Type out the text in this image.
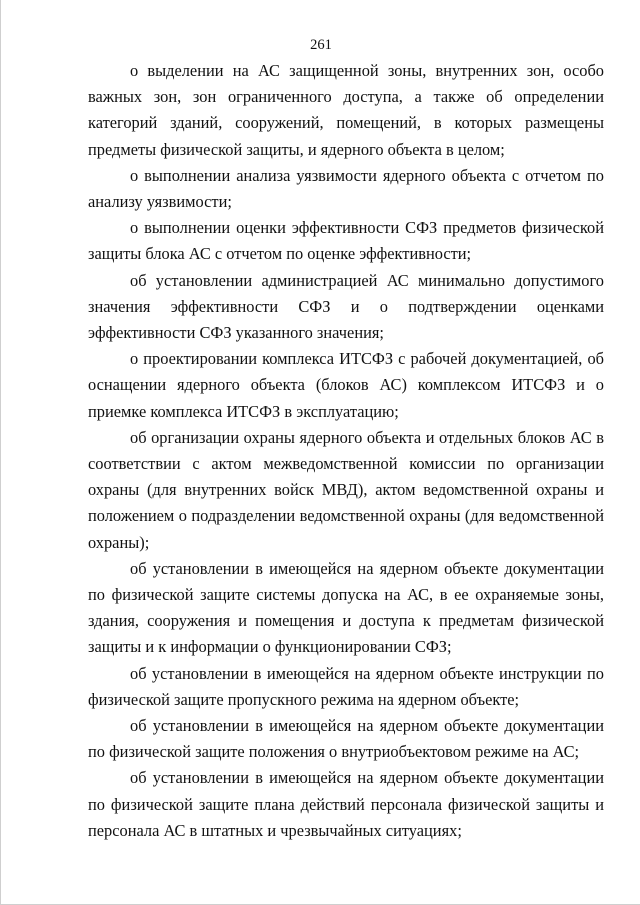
261

о выделении на АС защищенной зоны, внутренних зон, особо важных зон, зон ограниченного доступа, а также об определении категорий зданий, сооружений, помещений, в которых размещены предметы физической защиты, и ядерного объекта в целом;

о выполнении анализа уязвимости ядерного объекта с отчетом по анализу уязвимости;

о выполнении оценки эффективности СФЗ предметов физической защиты блока АС с отчетом по оценке эффективности;

об установлении администрацией АС минимально допустимого значения эффективности СФЗ и о подтверждении оценками эффективности СФЗ указанного значения;

о проектировании комплекса ИТСФЗ с рабочей документацией, об оснащении ядерного объекта (блоков АС) комплексом ИТСФЗ и о приемке комплекса ИТСФЗ в эксплуатацию;

об организации охраны ядерного объекта и отдельных блоков АС в соответствии с актом межведомственной комиссии по организации охраны (для внутренних войск МВД), актом ведомственной охраны и положением о подразделении ведомственной охраны (для ведомственной охраны);

об установлении в имеющейся на ядерном объекте документации по физической защите системы допуска на АС, в ее охраняемые зоны, здания, сооружения и помещения и доступа к предметам физической защиты и к информации о функционировании СФЗ;

об установлении в имеющейся на ядерном объекте инструкции по физической защите пропускного режима на ядерном объекте;

об установлении в имеющейся на ядерном объекте документации по физической защите положения о внутриобъектовом режиме на АС;

об установлении в имеющейся на ядерном объекте документации по физической защите плана действий персонала физической защиты и персонала АС в штатных и чрезвычайных ситуациях;
